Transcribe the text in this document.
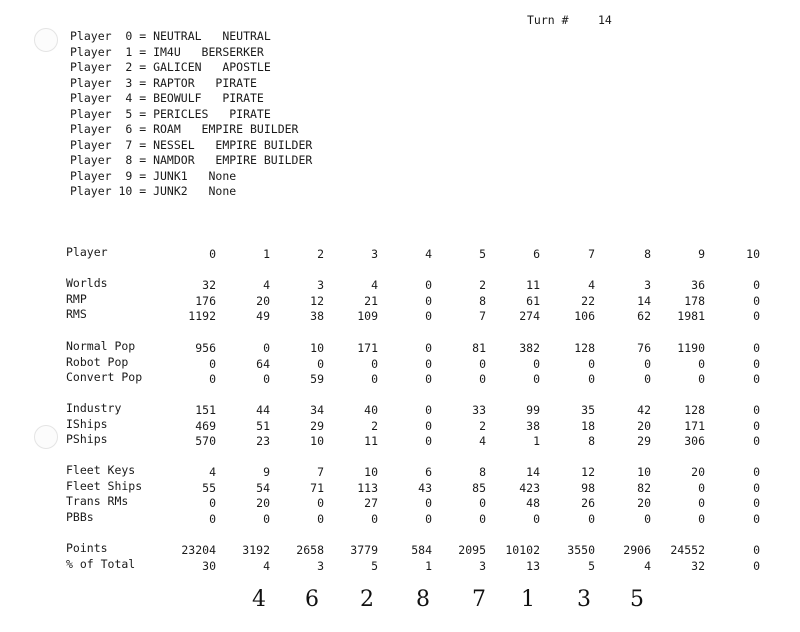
Turn #	14
Player  0 = NEUTRAL   NEUTRAL
Player  1 = IM4U   BERSERKER
Player  2 = GALICEN   APOSTLE
Player  3 = RAPTOR   PIRATE
Player  4 = BEOWULF   PIRATE
Player  5 = PERICLES   PIRATE
Player  6 = ROAM   EMPIRE BUILDER
Player  7 = NESSEL   EMPIRE BUILDER
Player  8 = NAMDOR   EMPIRE BUILDER
Player  9 = JUNK1   None
Player 10 = JUNK2   None
Player	0	1	2	3	4	5	6	7	8	9	10
Worlds	32	4	3	4	0	2	11	4	3	36	0
RMP	176	20	12	21	0	8	61	22	14	178	0
RMS	1192	49	38	109	0	7	274	106	62	1981	0
Normal Pop	956	0	10	171	0	81	382	128	76	1190	0
Robot Pop	0	64	0	0	0	0	0	0	0	0	0
Convert Pop	0	0	59	0	0	0	0	0	0	0	0
Industry	151	44	34	40	0	33	99	35	42	128	0
IShips	469	51	29	2	0	2	38	18	20	171	0
PShips	570	23	10	11	0	4	1	8	29	306	0
Fleet Keys	4	9	7	10	6	8	14	12	10	20	0
Fleet Ships	55	54	71	113	43	85	423	98	82	0	0
Trans RMs	0	20	0	27	0	0	48	26	20	0	0
PBBs	0	0	0	0	0	0	0	0	0	0	0
Points	23204	3192	2658	3779	584	2095	10102	3550	2906	24552	0
% of Total	30	4	3	5	1	3	13	5	4	32	0
4 6 2 8 7 1 3 5
